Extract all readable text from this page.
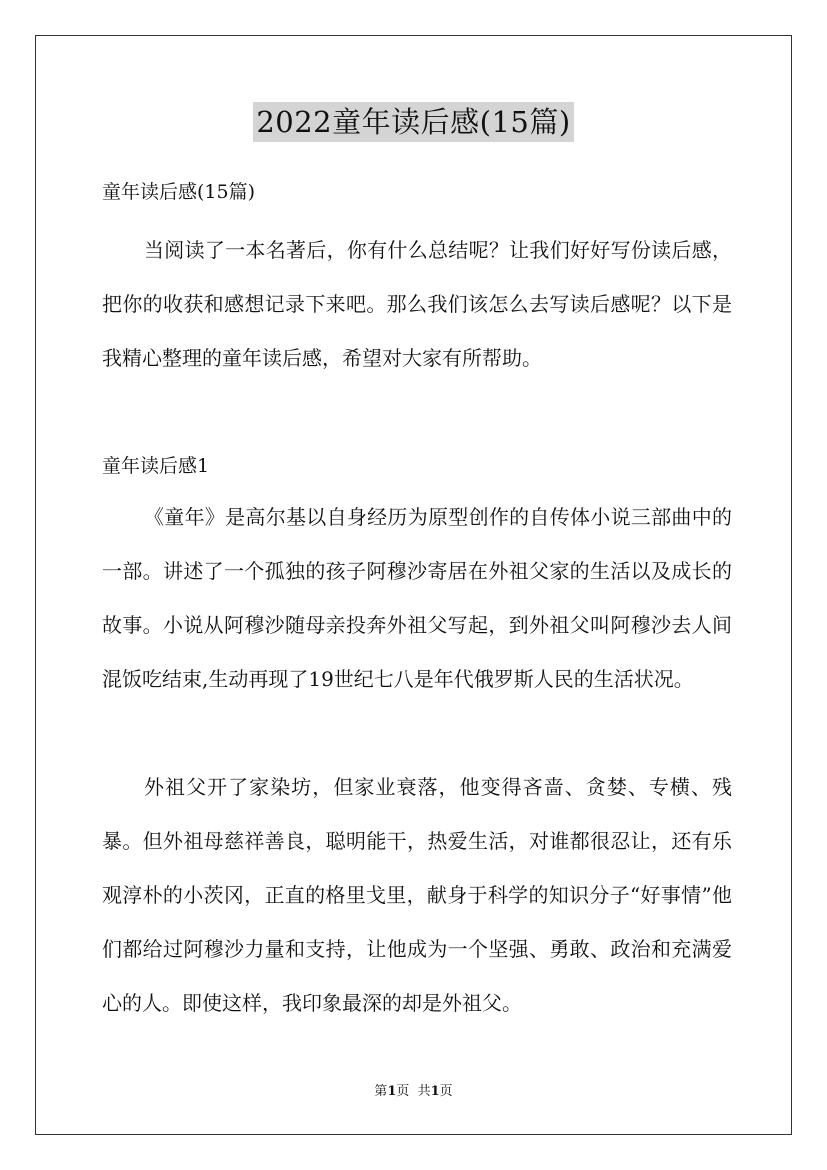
2022童年读后感(15篇)
童年读后感(15篇)

当阅读了一本名著后，你有什么总结呢？让我们好好写份读后感，把你的收获和感想记录下来吧。那么我们该怎么去写读后感呢？以下是我精心整理的童年读后感，希望对大家有所帮助。

童年读后感1

《童年》是高尔基以自身经历为原型创作的自传体小说三部曲中的一部。讲述了一个孤独的孩子阿穆沙寄居在外祖父家的生活以及成长的故事。小说从阿穆沙随母亲投奔外祖父写起，到外祖父叫阿穆沙去人间混饭吃结束,生动再现了19世纪七八是年代俄罗斯人民的生活状况。

外祖父开了家染坊，但家业衰落，他变得吝啬、贪婪、专横、残暴。但外祖母慈祥善良，聪明能干，热爱生活，对谁都很忍让，还有乐观淳朴的小茨冈，正直的格里戈里，献身于科学的知识分子“好事情”他们都给过阿穆沙力量和支持，让他成为一个坚强、勇敢、政治和充满爱心的人。即使这样，我印象最深的却是外祖父。

第1页  共1页
